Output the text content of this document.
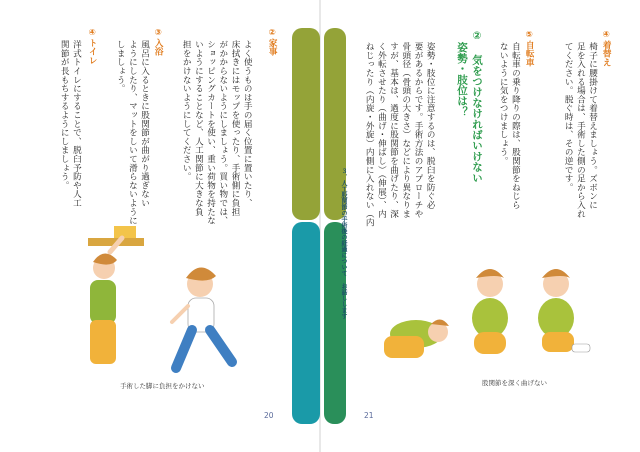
３．人工股関節の手術後の経過について お話しします
④着替え
椅子に腰掛けて着替えましょう。ズボンに
足を入れる場合は、手術した側の足から入れ
てください。脱ぐ時は、その逆です。
⑤自転車
自転車の乗り降りの際は、股関節をねじら
ないように気をつけましょう。
② 気をつけなければいけない
姿勢・肢位は？
姿勢・肢位に注意するのは、脱臼を防ぐ必
要があるからです。手術方法のアプローチや
骨頭径（骨頭の大きさ）などにより異なりま
すが、基本は、過度に股関節を曲げたり、深
く外転させたり（曲げ・伸ばし）（伸展）、内
ねじったり（内旋・外旋）内側に入れない（内
股関節を深く曲げない
21
②家事
よく使うものは手の届く位置に置いたり、
床拭きにはモップを使ったり、手術側に負担
がかからないようにしましょう。買い物では、
ショッピングカートを使い、重い荷物を持たな
いようにすることなど、人工関節に大きな負
担をかけないようにしてください。
③入浴
風呂に入るときに股関節が曲がり過ぎない
ようにしたり、マットをしいて滑らないように
しましょう。
④トイレ
洋式トイレにすることで、脱臼予防や人工
関節が長もちするようにしましょう。
手術した脚に負担をかけない
20
